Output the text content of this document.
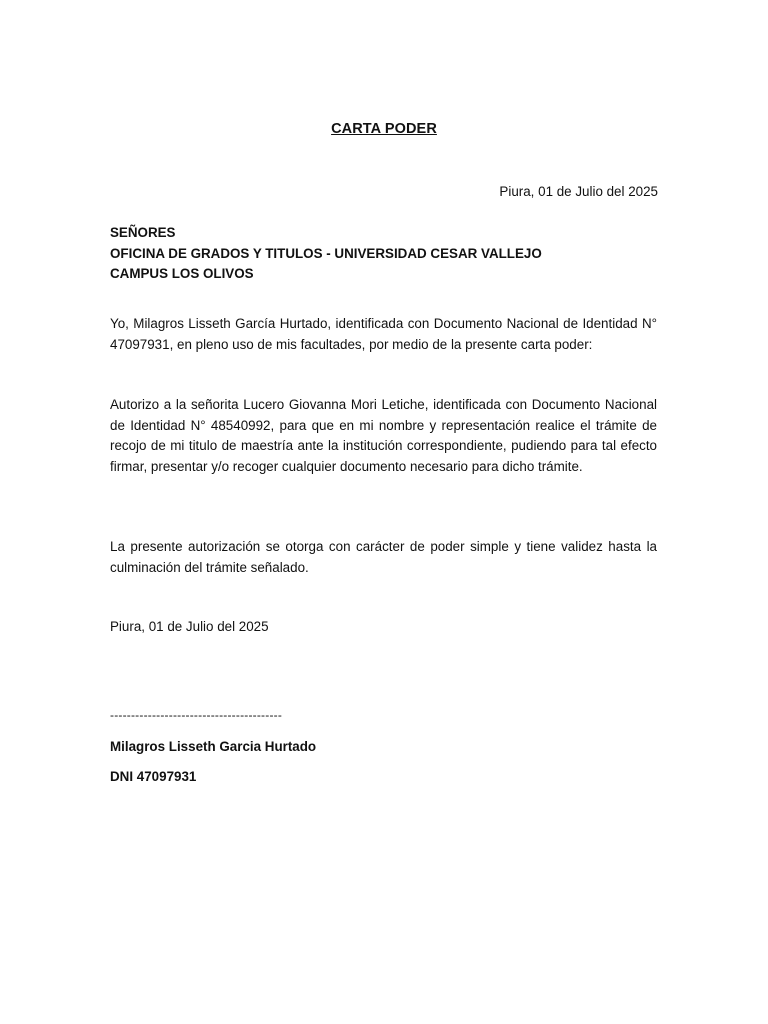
CARTA PODER
Piura, 01 de Julio del 2025
SEÑORES
OFICINA DE GRADOS Y TITULOS - UNIVERSIDAD CESAR VALLEJO
CAMPUS LOS OLIVOS
Yo, Milagros Lisseth García Hurtado, identificada con Documento Nacional de Identidad N° 47097931, en pleno uso de mis facultades, por medio de la presente carta poder:
Autorizo a la señorita Lucero Giovanna Mori Letiche, identificada con Documento Nacional de Identidad N° 48540992, para que en mi nombre y representación realice el trámite de recojo de mi titulo de maestría ante la institución correspondiente, pudiendo para tal efecto firmar, presentar y/o recoger cualquier documento necesario para dicho trámite.
La presente autorización se otorga con carácter de poder simple y tiene validez hasta la culminación del trámite señalado.
Piura, 01 de Julio del 2025
-----------------------------------------
Milagros Lisseth Garcia Hurtado
DNI 47097931
